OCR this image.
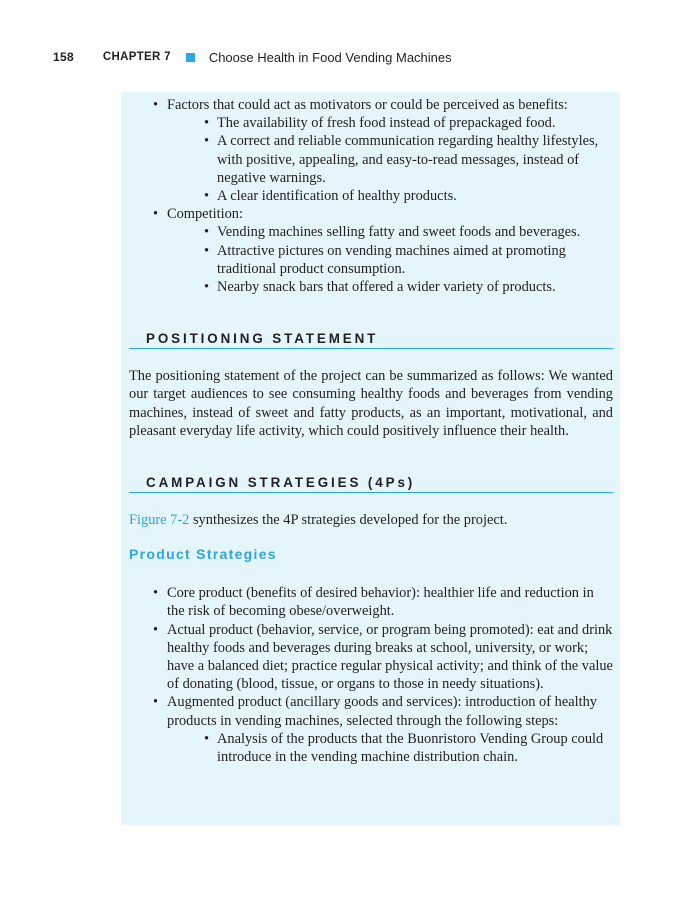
158	CHAPTER 7	Choose Health in Food Vending Machines
• Factors that could act as motivators or could be perceived as benefits:
• The availability of fresh food instead of prepackaged food.
• A correct and reliable communication regarding healthy lifestyles, with positive, appealing, and easy-to-read messages, instead of negative warnings.
• A clear identification of healthy products.
• Competition:
• Vending machines selling fatty and sweet foods and beverages.
• Attractive pictures on vending machines aimed at promoting traditional product consumption.
• Nearby snack bars that offered a wider variety of products.
POSITIONING STATEMENT

The positioning statement of the project can be summarized as follows: We wanted our target audiences to see consuming healthy foods and beverages from vending machines, instead of sweet and fatty products, as an important, motivational, and pleasant everyday life activity, which could positively influence their health.

CAMPAIGN STRATEGIES (4Ps)

Figure 7-2 synthesizes the 4P strategies developed for the project.

Product Strategies
• Core product (benefits of desired behavior): healthier life and reduction in the risk of becoming obese/overweight.
• Actual product (behavior, service, or program being promoted): eat and drink healthy foods and beverages during breaks at school, university, or work; have a balanced diet; practice regular physical activity; and think of the value of donating (blood, tissue, or organs to those in needy situations).
• Augmented product (ancillary goods and services): introduction of healthy products in vending machines, selected through the following steps:
• Analysis of the products that the Buonristoro Vending Group could introduce in the vending machine distribution chain.
